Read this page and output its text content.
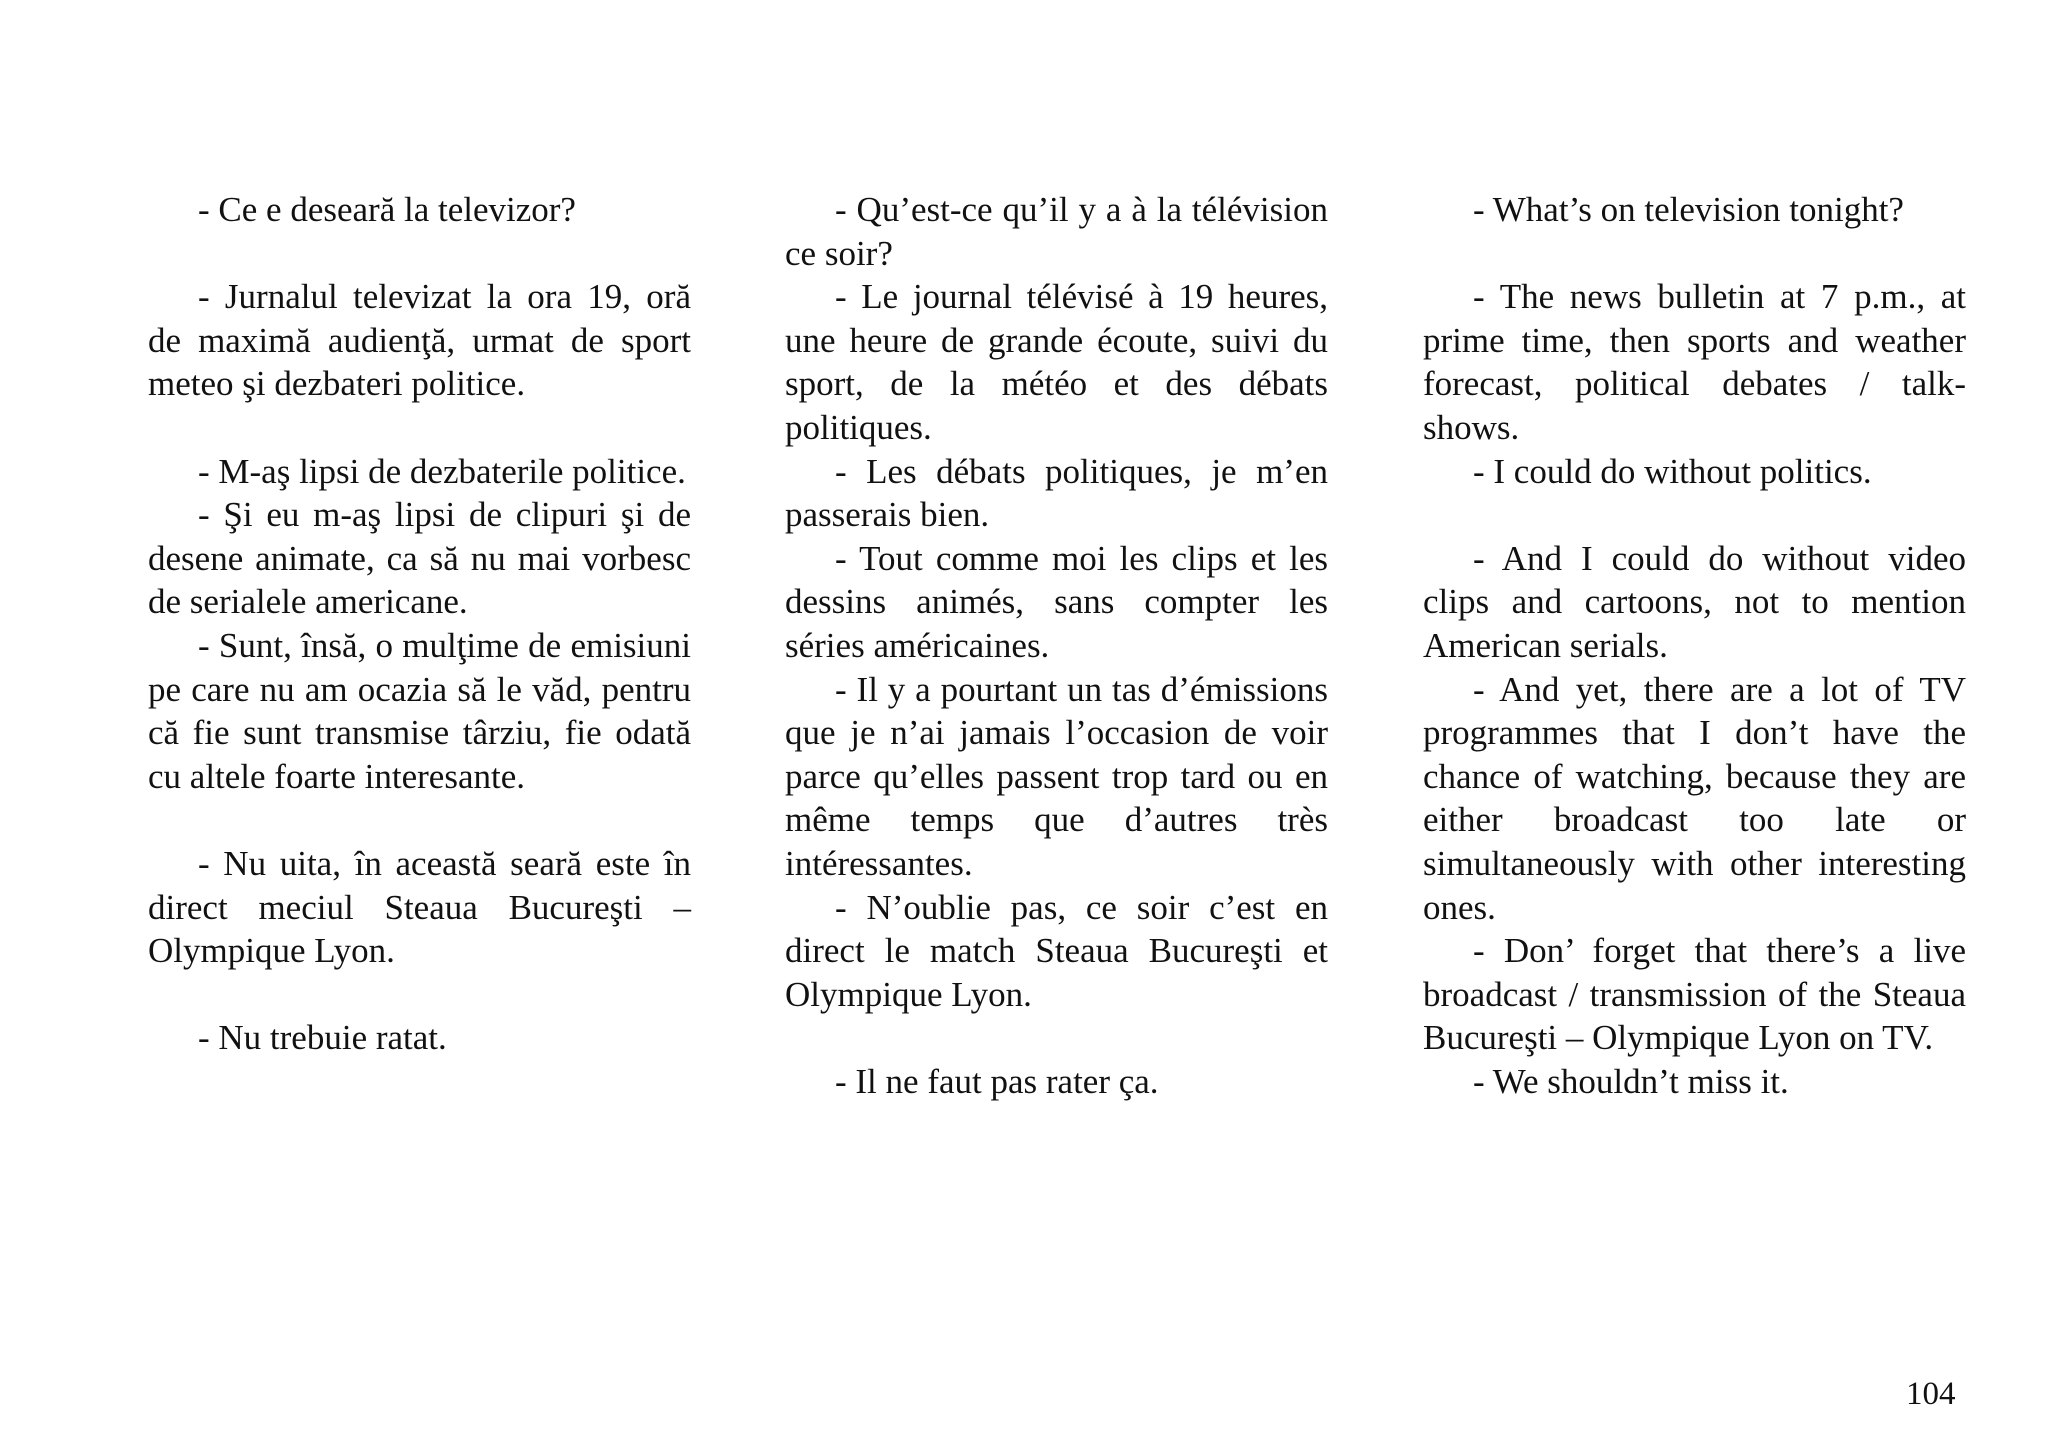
- Ce e deseară la televizor?

- Jurnalul televizat la ora 19, oră de maximă audienţă, urmat de sport meteo şi dezbateri politice.

- M-aş lipsi de dezbaterile politice.

- Şi eu m-aş lipsi de clipuri şi de desene animate, ca să nu mai vorbesc de serialele americane.

- Sunt, însă, o mulţime de emisiuni pe care nu am ocazia să le văd, pentru că fie sunt transmise târziu, fie odată cu altele foarte interesante.

- Nu uita, în această seară este în direct meciul Steaua Bucureşti – Olympique Lyon.

- Nu trebuie ratat.

- Qu’est-ce qu’il y a à la télévision ce soir?

- Le journal télévisé à 19 heures, une heure de grande écoute, suivi du sport, de la météo et des débats politiques.

- Les débats politiques, je m’en passerais bien.

- Tout comme moi les clips et les dessins animés, sans compter les séries américaines.

- Il y a pourtant un tas d’émissions que je n’ai jamais l’occasion de voir parce qu’elles passent trop tard ou en même temps que d’autres très intéressantes.

- N’oublie pas, ce soir c’est en direct le match Steaua Bucureşti et Olympique Lyon.

- Il ne faut pas rater ça.

- What’s on television tonight?

- The news bulletin at 7 p.m., at prime time, then sports and weather forecast, political debates / talk-shows.

- I could do without politics.

- And I could do without video clips and cartoons, not to mention American serials.

- And yet, there are a lot of TV programmes that I don’t have the chance of watching, because they are either broadcast too late or simultaneously with other interesting ones.

- Don’ forget that there’s a live broadcast / transmission of the Steaua Bucureşti – Olympique Lyon on TV.

- We shouldn’t miss it.

104
